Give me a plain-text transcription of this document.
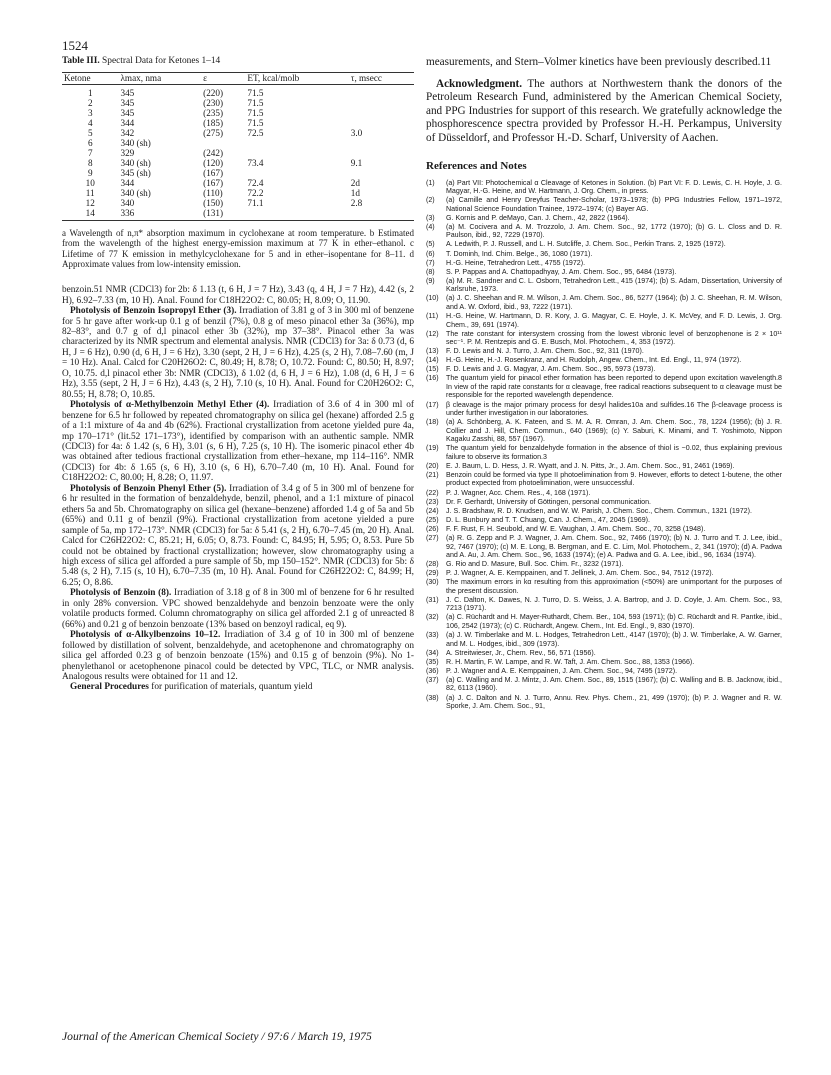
1524
Table III. Spectral Data for Ketones 1–14
Ketone	λmax, nma	ε	ET, kcal/molb	τ, msecc
1	345	(220)	71.5	
2	345	(230)	71.5	
3	345	(235)	71.5	
4	344	(185)	71.5	
5	342	(275)	72.5	3.0
6	340 (sh)			
7	329	(242)		
8	340 (sh)	(120)	73.4	9.1
9	345 (sh)	(167)		
10	344	(167)	72.4	2d
11	340 (sh)	(110)	72.2	1d
12	340	(150)	71.1	2.8
14	336	(131)		
a Wavelength of n,π* absorption maximum in cyclohexane at room temperature. b Estimated from the wavelength of the highest energy-emission maximum at 77 K in ether–ethanol. c Lifetime of 77 K emission in methylcyclohexane for 5 and in ether–isopentane for 8–11. d Approximate values from low-intensity emission.

benzoin.51 NMR (CDCl3) for 2b: δ 1.13 (t, 6 H, J = 7 Hz), 3.43 (q, 4 H, J = 7 Hz), 4.42 (s, 2 H), 6.92–7.33 (m, 10 H). Anal. Found for C18H22O2: C, 80.05; H, 8.09; O, 11.90.

Photolysis of Benzoin Isopropyl Ether (3). Irradiation of 3.81 g of 3 in 300 ml of benzene for 5 hr gave after work-up 0.1 g of benzil (7%), 0.8 g of meso pinacol ether 3a (36%), mp 82–83°, and 0.7 g of d,l pinacol ether 3b (32%), mp 37–38°. Pinacol ether 3a was characterized by its NMR spectrum and elemental analysis. NMR (CDCl3) for 3a: δ 0.73 (d, 6 H, J = 6 Hz), 0.90 (d, 6 H, J = 6 Hz), 3.30 (sept, 2 H, J = 6 Hz), 4.25 (s, 2 H), 7.08–7.60 (m, J = 10 Hz). Anal. Calcd for C20H26O2: C, 80.49; H, 8.78; O, 10.72. Found: C, 80.50; H, 8.97; O, 10.75. d,l pinacol ether 3b: NMR (CDCl3), δ 1.02 (d, 6 H, J = 6 Hz), 1.08 (d, 6 H, J = 6 Hz), 3.55 (sept, 2 H, J = 6 Hz), 4.43 (s, 2 H), 7.10 (s, 10 H). Anal. Found for C20H26O2: C, 80.55; H, 8.78; O, 10.85.

Photolysis of α-Methylbenzoin Methyl Ether (4). Irradiation of 3.6 of 4 in 300 ml of benzene for 6.5 hr followed by repeated chromatography on silica gel (hexane) afforded 2.5 g of a 1:1 mixture of 4a and 4b (62%). Fractional crystallization from acetone yielded pure 4a, mp 170–171° (lit.52 171–173°), identified by comparison with an authentic sample. NMR (CDCl3) for 4a: δ 1.42 (s, 6 H), 3.01 (s, 6 H), 7.25 (s, 10 H). The isomeric pinacol ether 4b was obtained after tedious fractional crystallization from ether–hexane, mp 114–116°. NMR (CDCl3) for 4b: δ 1.65 (s, 6 H), 3.10 (s, 6 H), 6.70–7.40 (m, 10 H). Anal. Found for C18H22O2: C, 80.00; H, 8.28; O, 11.97.

Photolysis of Benzoin Phenyl Ether (5). Irradiation of 3.4 g of 5 in 300 ml of benzene for 6 hr resulted in the formation of benzaldehyde, benzil, phenol, and a 1:1 mixture of pinacol ethers 5a and 5b. Chromatography on silica gel (hexane–benzene) afforded 1.4 g of 5a and 5b (65%) and 0.11 g of benzil (9%). Fractional crystallization from acetone yielded a pure sample of 5a, mp 172–173°. NMR (CDCl3) for 5a: δ 5.41 (s, 2 H), 6.70–7.45 (m, 20 H). Anal. Calcd for C26H22O2: C, 85.21; H, 6.05; O, 8.73. Found: C, 84.95; H, 5.95; O, 8.53. Pure 5b could not be obtained by fractional crystallization; however, slow chromatography using a high excess of silica gel afforded a pure sample of 5b, mp 150–152°. NMR (CDCl3) for 5b: δ 5.48 (s, 2 H), 7.15 (s, 10 H), 6.70–7.35 (m, 10 H). Anal. Found for C26H22O2: C, 84.99; H, 6.25; O, 8.86.

Photolysis of Benzoin (8). Irradiation of 3.18 g of 8 in 300 ml of benzene for 6 hr resulted in only 28% conversion. VPC showed benzaldehyde and benzoin benzoate were the only volatile products formed. Column chromatography on silica gel afforded 2.1 g of unreacted 8 (66%) and 0.21 g of benzoin benzoate (13% based on benzoyl radical, eq 9).

Photolysis of α-Alkylbenzoins 10–12. Irradiation of 3.4 g of 10 in 300 ml of benzene followed by distillation of solvent, benzaldehyde, and acetophenone and chromatography on silica gel afforded 0.23 g of benzoin benzoate (15%) and 0.15 g of benzoin (9%). No 1-phenylethanol or acetophenone pinacol could be detected by VPC, TLC, or NMR analysis. Analogous results were obtained for 11 and 12.

General Procedures for purification of materials, quantum yield

measurements, and Stern–Volmer kinetics have been previously described.11

Acknowledgment. The authors at Northwestern thank the donors of the Petroleum Research Fund, administered by the American Chemical Society, and PPG Industries for support of this research. We gratefully acknowledge the phosphorescence spectra provided by Professor H.-H. Perkampus, University of Düsseldorf, and Professor H.-D. Scharf, University of Aachen.

References and Notes
(1)	(a) Part VII: Photochemical α Cleavage of Ketones in Solution. (b) Part VI: F. D. Lewis, C. H. Hoyle, J. G. Magyar, H.-G. Heine, and W. Hartmann, J. Org. Chem., in press.
(2)	(a) Camille and Henry Dreyfus Teacher-Scholar, 1973–1978; (b) PPG Industries Fellow, 1971–1972, National Science Foundation Trainee, 1972–1974; (c) Bayer AG.
(3)	G. Kornis and P. deMayo, Can. J. Chem., 42, 2822 (1964).
(4)	(a) M. Cocivera and A. M. Trozzolo, J. Am. Chem. Soc., 92, 1772 (1970); (b) G. L. Closs and D. R. Paulson, ibid., 92, 7229 (1970).
(5)	A. Ledwith, P. J. Russell, and L. H. Sutcliffe, J. Chem. Soc., Perkin Trans. 2, 1925 (1972).
(6)	T. Dominh, Ind. Chim. Belge., 36, 1080 (1971).
(7)	H.-G. Heine, Tetrahedron Lett., 4755 (1972).
(8)	S. P. Pappas and A. Chattopadhyay, J. Am. Chem. Soc., 95, 6484 (1973).
(9)	(a) M. R. Sandner and C. L. Osborn, Tetrahedron Lett., 415 (1974); (b) S. Adam, Dissertation, University of Karlsruhe, 1973.
(10)	(a) J. C. Sheehan and R. M. Wilson, J. Am. Chem. Soc., 86, 5277 (1964); (b) J. C. Sheehan, R. M. Wilson, and A. W. Oxford, ibid., 93, 7222 (1971).
(11)	H.-G. Heine, W. Hartmann, D. R. Kory, J. G. Magyar, C. E. Hoyle, J. K. McVey, and F. D. Lewis, J. Org. Chem., 39, 691 (1974).
(12)	The rate constant for intersystem crossing from the lowest vibronic level of benzophenone is 2 × 10¹¹ sec⁻¹. P. M. Rentzepis and G. E. Busch, Mol. Photochem., 4, 353 (1972).
(13)	F. D. Lewis and N. J. Turro, J. Am. Chem. Soc., 92, 311 (1970).
(14)	H.-G. Heine, H.-J. Rosenkranz, and H. Rudolph, Angew. Chem., Int. Ed. Engl., 11, 974 (1972).
(15)	F. D. Lewis and J. G. Magyar, J. Am. Chem. Soc., 95, 5973 (1973).
(16)	The quantum yield for pinacol ether formation has been reported to depend upon excitation wavelength.8 In view of the rapid rate constants for α cleavage, free radical reactions subsequent to α cleavage must be responsible for the reported wavelength dependence.
(17)	β cleavage is the major primary process for desyl halides10a and sulfides.16 The β-cleavage process is under further investigation in our laboratories.
(18)	(a) A. Schönberg, A. K. Fateen, and S. M. A. R. Omran, J. Am. Chem. Soc., 78, 1224 (1956); (b) J. R. Collier and J. Hill, Chem. Commun., 640 (1969); (c) Y. Saburi, K. Minami, and T. Yoshimoto, Nippon Kagaku Zasshi, 88, 557 (1967).
(19)	The quantum yield for benzaldehyde formation in the absence of thiol is ~0.02, thus explaining previous failure to observe its formation.3
(20)	E. J. Baum, L. D. Hess, J. R. Wyatt, and J. N. Pitts, Jr., J. Am. Chem. Soc., 91, 2461 (1969).
(21)	Benzoin could be formed via type II photoelimination from 9. However, efforts to detect 1-butene, the other product expected from photoelimination, were unsuccessful.
(22)	P. J. Wagner, Acc. Chem. Res., 4, 168 (1971).
(23)	Dr. F. Gerhardt, University of Göttingen, personal communication.
(24)	J. S. Bradshaw, R. D. Knudsen, and W. W. Parish, J. Chem. Soc., Chem. Commun., 1321 (1972).
(25)	D. L. Bunbury and T. T. Chuang, Can. J. Chem., 47, 2045 (1969).
(26)	F. F. Rust, F. H. Seubold, and W. E. Vaughan, J. Am. Chem. Soc., 70, 3258 (1948).
(27)	(a) R. G. Zepp and P. J. Wagner, J. Am. Chem. Soc., 92, 7466 (1970); (b) N. J. Turro and T. J. Lee, ibid., 92, 7467 (1970); (c) M. E. Long, B. Bergman, and E. C. Lim, Mol. Photochem., 2, 341 (1970); (d) A. Padwa and A. Au, J. Am. Chem. Soc., 96, 1633 (1974); (e) A. Padwa and G. A. Lee, ibid., 96, 1634 (1974).
(28)	G. Rio and D. Masure, Bull. Soc. Chim. Fr., 3232 (1971).
(29)	P. J. Wagner, A. E. Kemppainen, and T. Jellinek, J. Am. Chem. Soc., 94, 7512 (1972).
(30)	The maximum errors in kα resulting from this approximation (<50%) are unimportant for the purposes of the present discussion.
(31)	J. C. Dalton, K. Dawes, N. J. Turro, D. S. Weiss, J. A. Bartrop, and J. D. Coyle, J. Am. Chem. Soc., 93, 7213 (1971).
(32)	(a) C. Rüchardt and H. Mayer-Ruthardt, Chem. Ber., 104, 593 (1971); (b) C. Rüchardt and R. Pantke, ibid., 106, 2542 (1973); (c) C. Rüchardt, Angew. Chem., Int. Ed. Engl., 9, 830 (1970).
(33)	(a) J. W. Timberlake and M. L. Hodges, Tetrahedron Lett., 4147 (1970); (b) J. W. Timberlake, A. W. Garner, and M. L. Hodges, ibid., 309 (1973).
(34)	A. Streitwieser, Jr., Chem. Rev., 56, 571 (1956).
(35)	R. H. Martin, F. W. Lampe, and R. W. Taft, J. Am. Chem. Soc., 88, 1353 (1966).
(36)	P. J. Wagner and A. E. Kemppainen, J. Am. Chem. Soc., 94, 7495 (1972).
(37)	(a) C. Walling and M. J. Mintz, J. Am. Chem. Soc., 89, 1515 (1967); (b) C. Walling and B. B. Jacknow, ibid., 82, 6113 (1960).
(38)	(a) J. C. Dalton and N. J. Turro, Annu. Rev. Phys. Chem., 21, 499 (1970); (b) P. J. Wagner and R. W. Sporke, J. Am. Chem. Soc., 91,
Journal of the American Chemical Society / 97:6 / March 19, 1975
